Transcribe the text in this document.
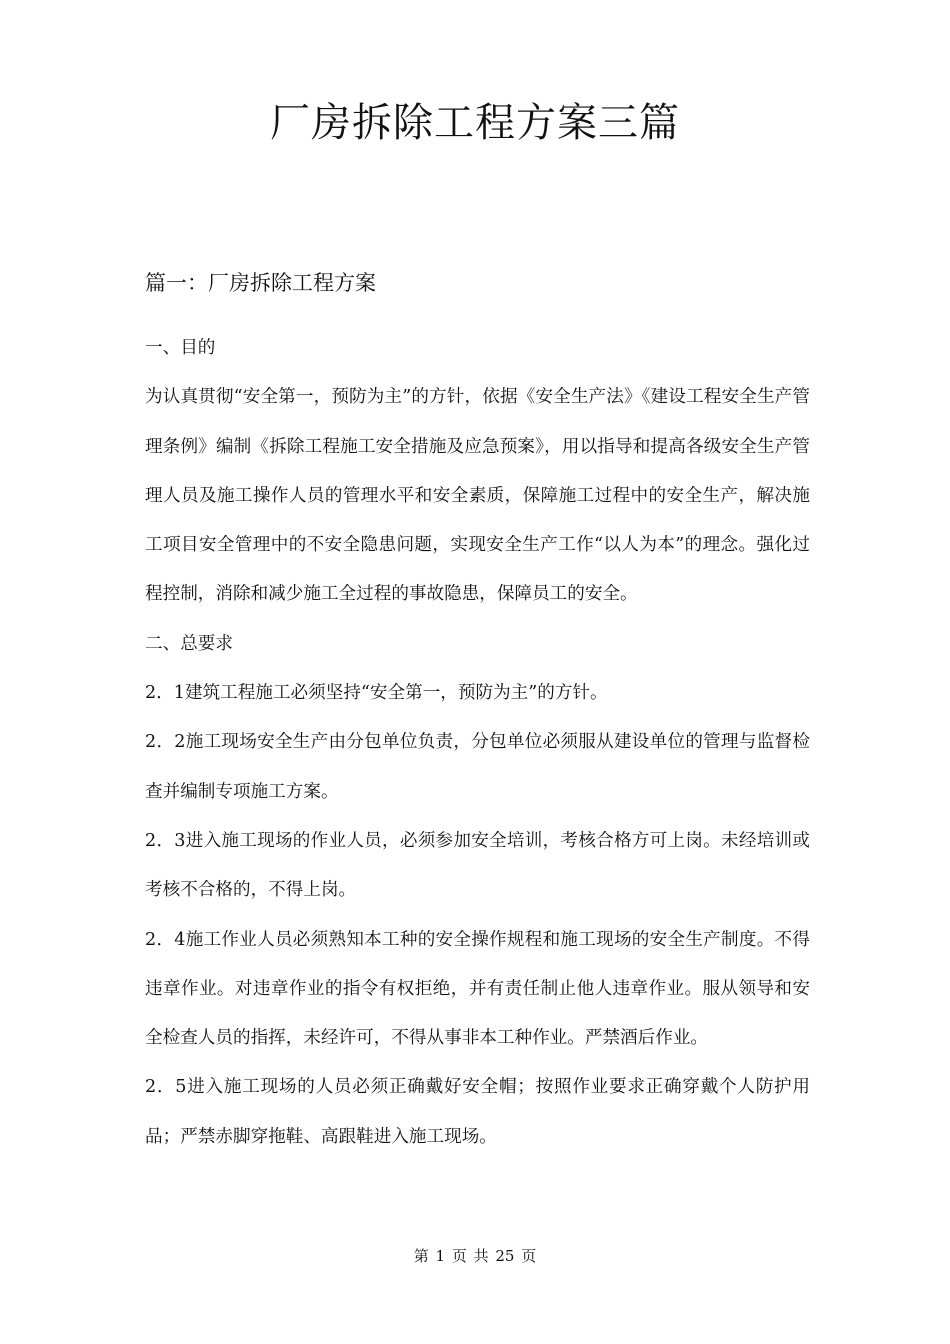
厂房拆除工程方案三篇
篇一：厂房拆除工程方案

一、目的

为认真贯彻“安全第一，预防为主”的方针，依据《安全生产法》《建设工程安全生产管理条例》编制《拆除工程施工安全措施及应急预案》，用以指导和提高各级安全生产管理人员及施工操作人员的管理水平和安全素质，保障施工过程中的安全生产，解决施工项目安全管理中的不安全隐患问题，实现安全生产工作“以人为本”的理念。强化过程控制，消除和减少施工全过程的事故隐患，保障员工的安全。

二、总要求

2．1建筑工程施工必须坚持“安全第一，预防为主”的方针。

2．2施工现场安全生产由分包单位负责，分包单位必须服从建设单位的管理与监督检查并编制专项施工方案。

2．3进入施工现场的作业人员，必须参加安全培训，考核合格方可上岗。未经培训或考核不合格的，不得上岗。

2．4施工作业人员必须熟知本工种的安全操作规程和施工现场的安全生产制度。不得违章作业。对违章作业的指令有权拒绝，并有责任制止他人违章作业。服从领导和安全检查人员的指挥，未经许可，不得从事非本工种作业。严禁酒后作业。

2．5进入施工现场的人员必须正确戴好安全帽；按照作业要求正确穿戴个人防护用品；严禁赤脚穿拖鞋、高跟鞋进入施工现场。

第 1 页 共 25 页
